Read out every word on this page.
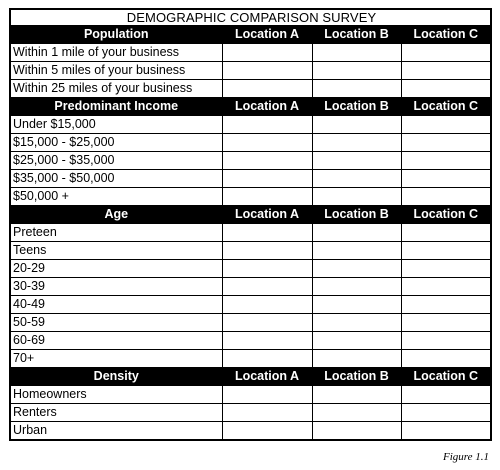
DEMOGRAPHIC COMPARISON SURVEY			
Population	Location A	Location B	Location C
Within 1 mile of your business			
Within 5 miles of your business			
Within 25 miles of your business			
Predominant Income	Location A	Location B	Location C
Under $15,000			
$15,000 - $25,000			
$25,000 - $35,000			
$35,000 - $50,000			
$50,000 +			
Age	Location A	Location B	Location C
Preteen			
Teens			
20-29			
30-39			
40-49			
50-59			
60-69			
70+			
Density	Location A	Location B	Location C
Homeowners			
Renters			
Urban			
Figure 1.1
